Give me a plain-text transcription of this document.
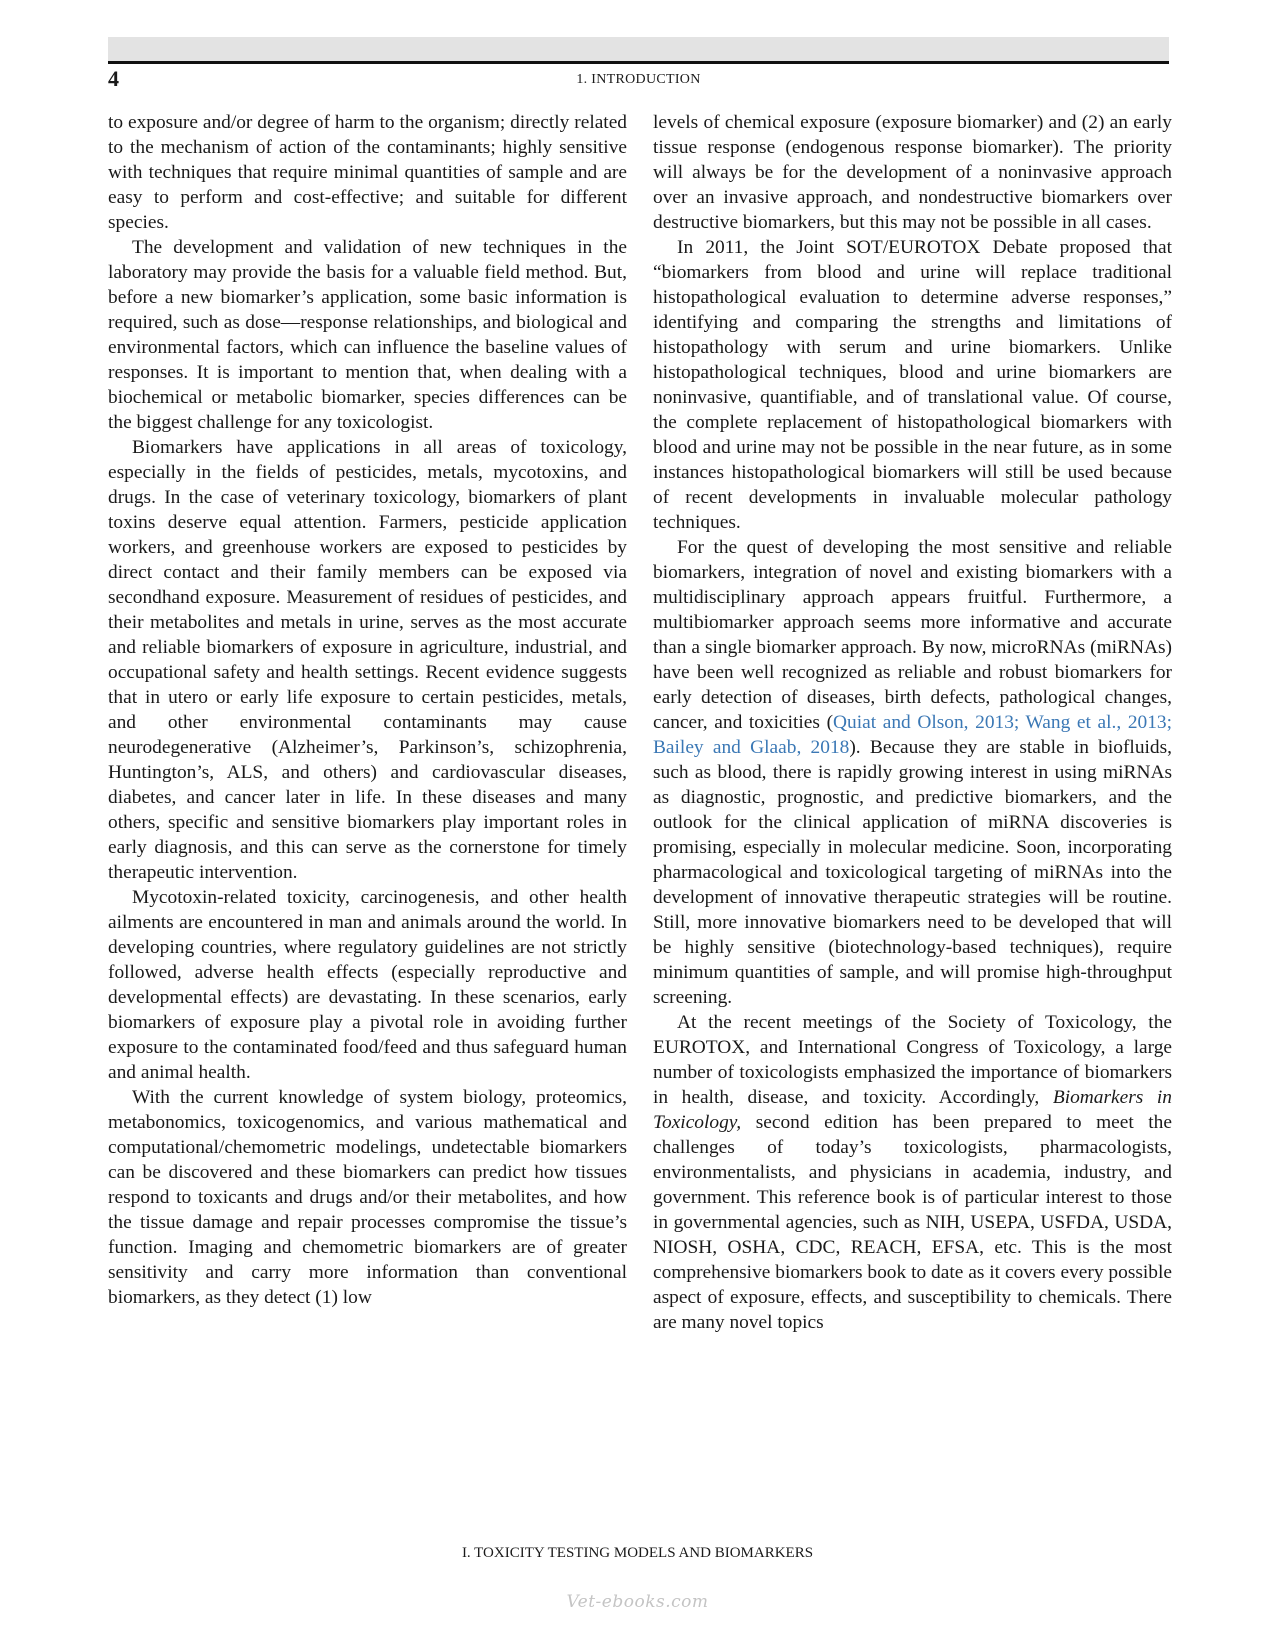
4	1. INTRODUCTION

to exposure and/or degree of harm to the organism; directly related to the mechanism of action of the contaminants; highly sensitive with techniques that require minimal quantities of sample and are easy to perform and cost-effective; and suitable for different species.

The development and validation of new techniques in the laboratory may provide the basis for a valuable field method. But, before a new biomarker’s application, some basic information is required, such as dose—response relationships, and biological and environmental factors, which can influence the baseline values of responses. It is important to mention that, when dealing with a biochemical or metabolic biomarker, species differences can be the biggest challenge for any toxicologist.

Biomarkers have applications in all areas of toxicology, especially in the fields of pesticides, metals, mycotoxins, and drugs. In the case of veterinary toxicology, biomarkers of plant toxins deserve equal attention. Farmers, pesticide application workers, and greenhouse workers are exposed to pesticides by direct contact and their family members can be exposed via secondhand exposure. Measurement of residues of pesticides, and their metabolites and metals in urine, serves as the most accurate and reliable biomarkers of exposure in agriculture, industrial, and occupational safety and health settings. Recent evidence suggests that in utero or early life exposure to certain pesticides, metals, and other environmental contaminants may cause neurodegenerative (Alzheimer’s, Parkinson’s, schizophrenia, Huntington’s, ALS, and others) and cardiovascular diseases, diabetes, and cancer later in life. In these diseases and many others, specific and sensitive biomarkers play important roles in early diagnosis, and this can serve as the cornerstone for timely therapeutic intervention.

Mycotoxin-related toxicity, carcinogenesis, and other health ailments are encountered in man and animals around the world. In developing countries, where regulatory guidelines are not strictly followed, adverse health effects (especially reproductive and developmental effects) are devastating. In these scenarios, early biomarkers of exposure play a pivotal role in avoiding further exposure to the contaminated food/feed and thus safeguard human and animal health.

With the current knowledge of system biology, proteomics, metabonomics, toxicogenomics, and various mathematical and computational/chemometric modelings, undetectable biomarkers can be discovered and these biomarkers can predict how tissues respond to toxicants and drugs and/or their metabolites, and how the tissue damage and repair processes compromise the tissue’s function. Imaging and chemometric biomarkers are of greater sensitivity and carry more information than conventional biomarkers, as they detect (1) low

levels of chemical exposure (exposure biomarker) and (2) an early tissue response (endogenous response biomarker). The priority will always be for the development of a noninvasive approach over an invasive approach, and nondestructive biomarkers over destructive biomarkers, but this may not be possible in all cases.

In 2011, the Joint SOT/EUROTOX Debate proposed that “biomarkers from blood and urine will replace traditional histopathological evaluation to determine adverse responses,” identifying and comparing the strengths and limitations of histopathology with serum and urine biomarkers. Unlike histopathological techniques, blood and urine biomarkers are noninvasive, quantifiable, and of translational value. Of course, the complete replacement of histopathological biomarkers with blood and urine may not be possible in the near future, as in some instances histopathological biomarkers will still be used because of recent developments in invaluable molecular pathology techniques.

For the quest of developing the most sensitive and reliable biomarkers, integration of novel and existing biomarkers with a multidisciplinary approach appears fruitful. Furthermore, a multibiomarker approach seems more informative and accurate than a single biomarker approach. By now, microRNAs (miRNAs) have been well recognized as reliable and robust biomarkers for early detection of diseases, birth defects, pathological changes, cancer, and toxicities (Quiat and Olson, 2013; Wang et al., 2013; Bailey and Glaab, 2018). Because they are stable in biofluids, such as blood, there is rapidly growing interest in using miRNAs as diagnostic, prognostic, and predictive biomarkers, and the outlook for the clinical application of miRNA discoveries is promising, especially in molecular medicine. Soon, incorporating pharmacological and toxicological targeting of miRNAs into the development of innovative therapeutic strategies will be routine. Still, more innovative biomarkers need to be developed that will be highly sensitive (biotechnology-based techniques), require minimum quantities of sample, and will promise high-throughput screening.

At the recent meetings of the Society of Toxicology, the EUROTOX, and International Congress of Toxicology, a large number of toxicologists emphasized the importance of biomarkers in health, disease, and toxicity. Accordingly, Biomarkers in Toxicology, second edition has been prepared to meet the challenges of today’s toxicologists, pharmacologists, environmentalists, and physicians in academia, industry, and government. This reference book is of particular interest to those in governmental agencies, such as NIH, USEPA, USFDA, USDA, NIOSH, OSHA, CDC, REACH, EFSA, etc. This is the most comprehensive biomarkers book to date as it covers every possible aspect of exposure, effects, and susceptibility to chemicals. There are many novel topics

I. TOXICITY TESTING MODELS AND BIOMARKERS
Vet-ebooks.com
